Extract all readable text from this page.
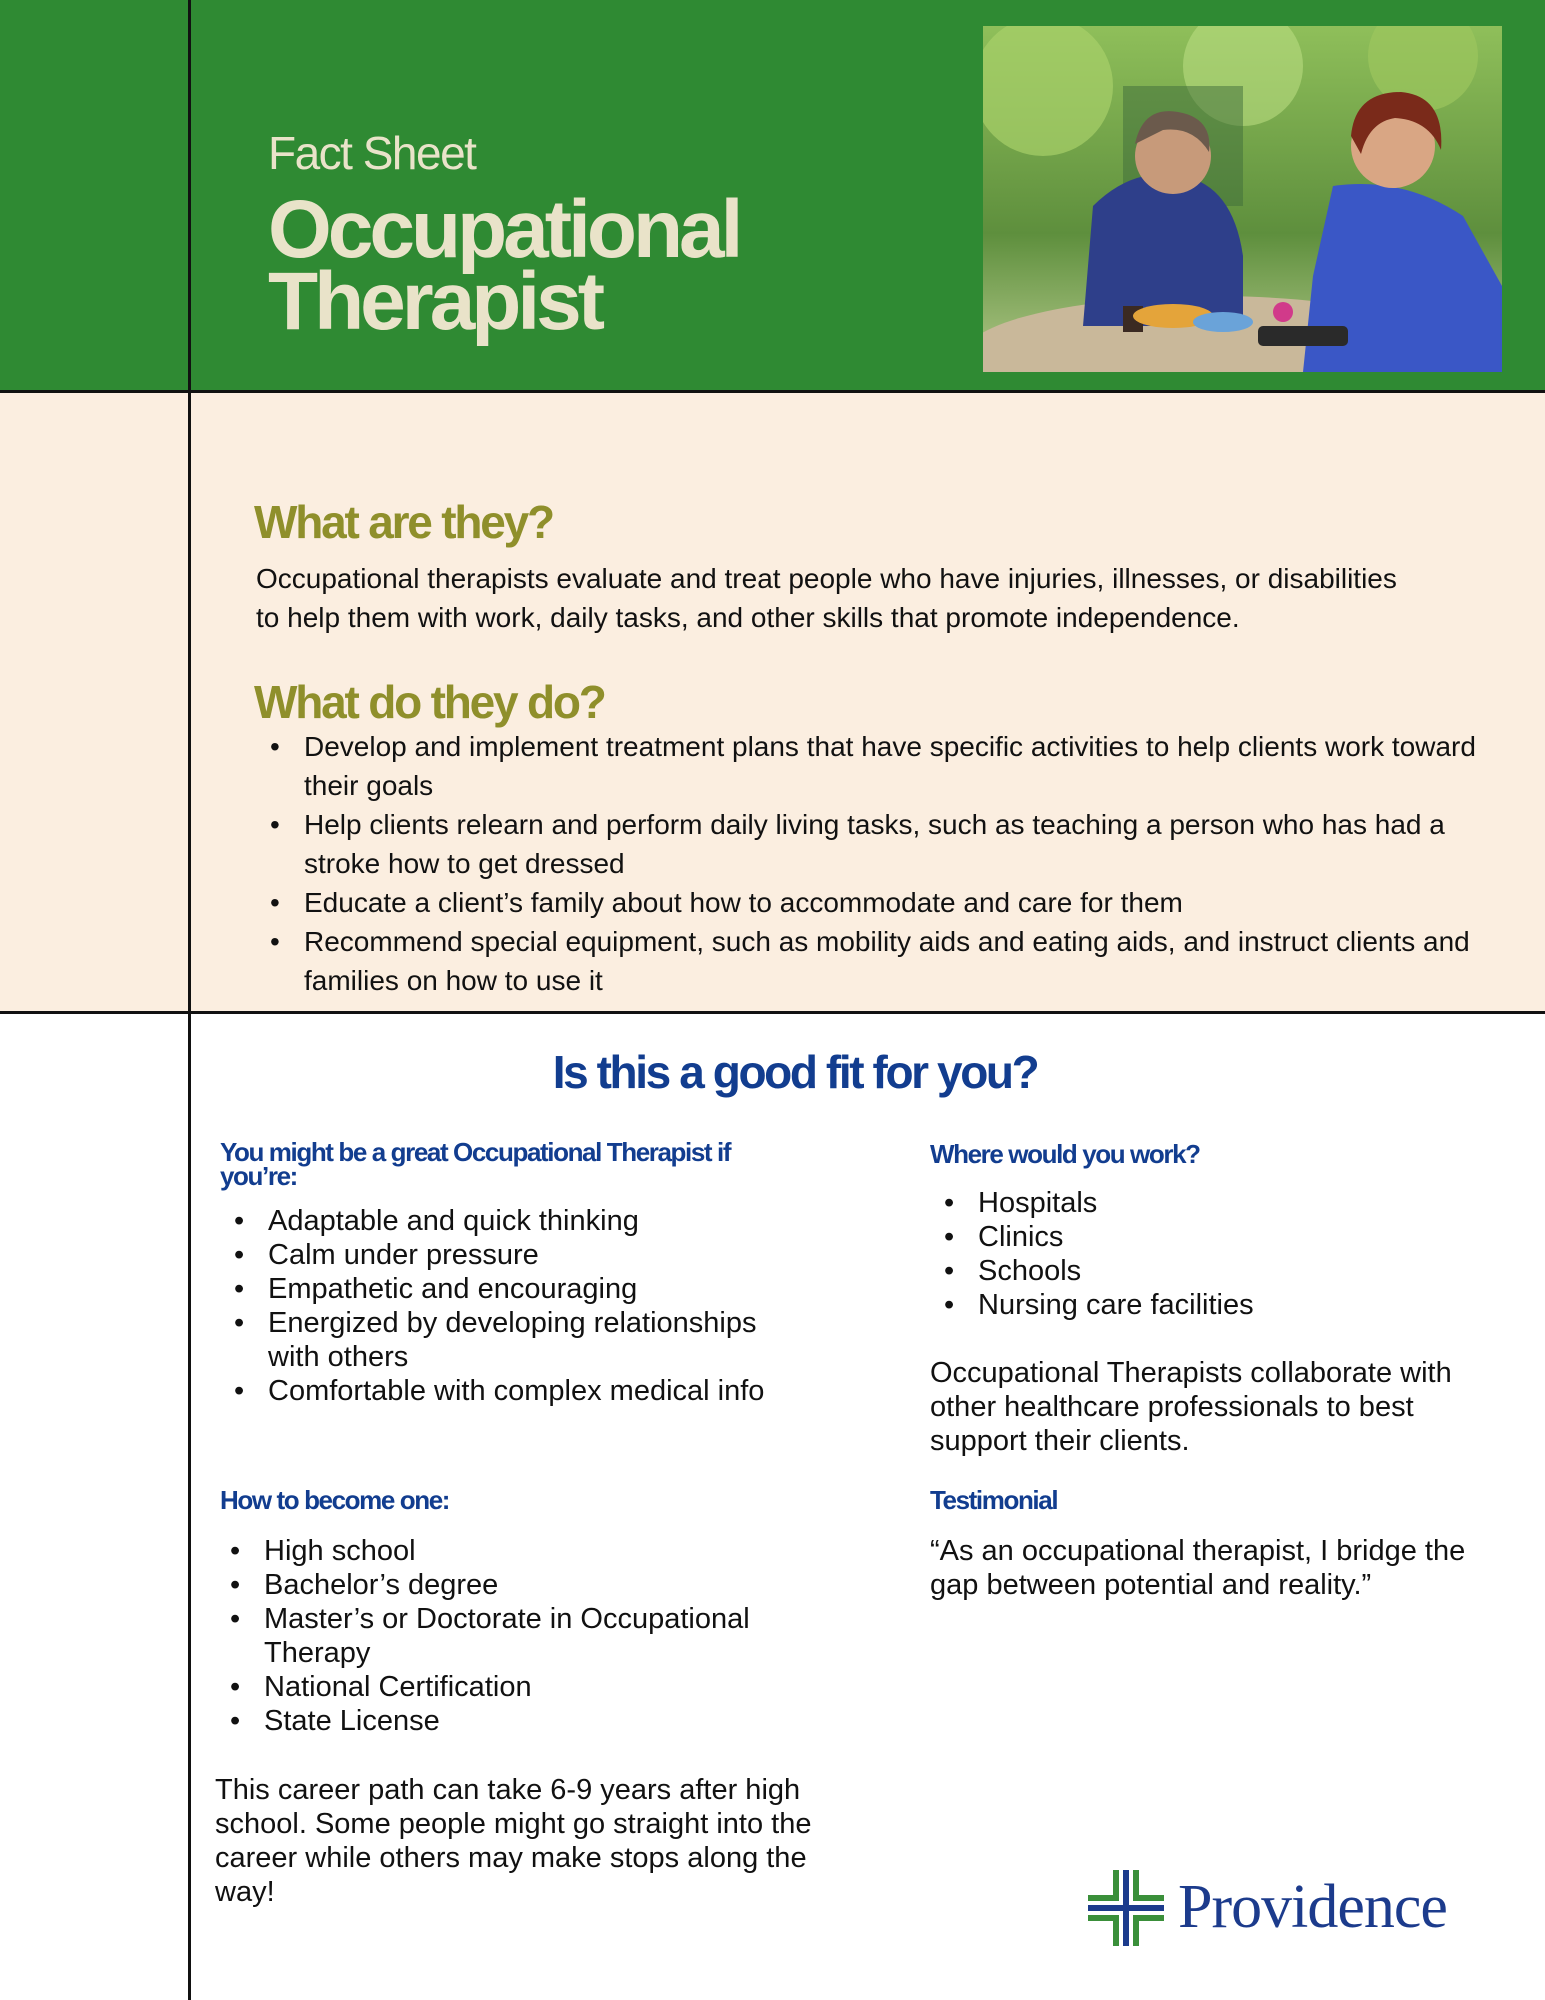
Fact Sheet
Occupational
Therapist
What are they?
Occupational therapists evaluate and treat people who have injuries, illnesses, or disabilities to help them with work, daily tasks, and other skills that promote independence.
What do they do?
• Develop and implement treatment plans that have specific activities to help clients work toward their goals
• Help clients relearn and perform daily living tasks, such as teaching a person who has had a stroke how to get dressed
• Educate a client’s family about how to accommodate and care for them
• Recommend special equipment, such as mobility aids and eating aids, and instruct clients and families on how to use it
Is this a good fit for you?
You might be a great Occupational Therapist if you’re:
• Adaptable and quick thinking
• Calm under pressure
• Empathetic and encouraging
• Energized by developing relationships with others
• Comfortable with complex medical info
How to become one:
• High school
• Bachelor’s degree
• Master’s or Doctorate in Occupational Therapy
• National Certification
• State License
This career path can take 6-9 years after high school. Some people might go straight into the career while others may make stops along the way!
Where would you work?
• Hospitals
• Clinics
• Schools
• Nursing care facilities
Occupational Therapists collaborate with other healthcare professionals to best support their clients.
Testimonial
“As an occupational therapist, I bridge the gap between potential and reality.”
Providence
